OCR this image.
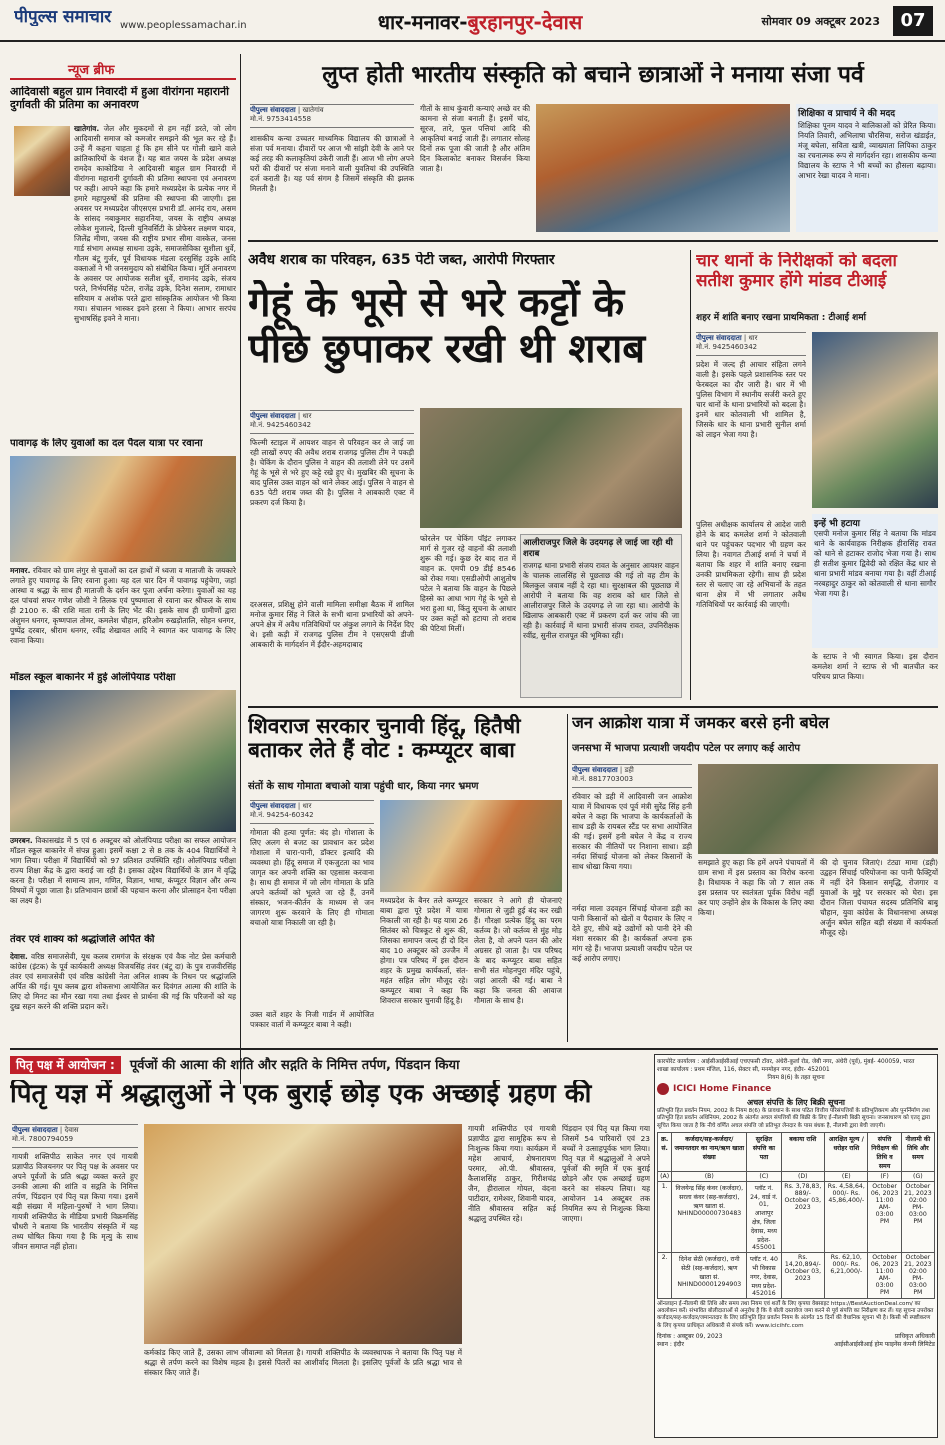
पीपुल्स समाचार www.peoplessamachar.in	धार-मनावर-बुरहानपुर-देवास	सोमवार 09 अक्टूबर 2023	07
न्यूज ब्रीफ
आदिवासी बहुल ग्राम निवारदी में हुआ वीरांगना महारानी दुर्गावती की प्रतिमा का अनावरण
खातेगांव. जेल और मुकदमों से हम नहीं डरते, जो लोग आदिवासी समाज को कमजोर समझने की भूल कर रहे हैं। उन्हें मैं कहना चाहता हूं कि हम सीने पर गोली खाने वाले क्रांतिकारियों के वंशज हैं। यह बात जयस के प्रदेश अध्यक्ष रामदेव काकोडिया ने आदिवासी बाहुल ग्राम निवारदी में वीरांगना महारानी दुर्गावती की प्रतिमा स्थापना एवं अनावरण पर कही। आपने कहा कि हमारे मध्यप्रदेश के प्रत्येक नगर में हमारे महापुरुषों की प्रतिमा की स्थापना की जाएगी। इस अवसर पर मध्यप्रदेश जीएसएस प्रभारी डॉ. आनंद राय, असम के सांसद नबाकुमार सहारनिया, जयस के राष्ट्रीय अध्यक्ष लोकेश मुजाल्दे, दिल्ली यूनिवर्सिटी के प्रोफेसर लक्ष्मण यादव, जिलेंद्र मीणा, जयस की राष्ट्रीय प्रभार सीमा वास्केल, जनस गार्ड संभाग अध्यक्ष साधना उइके, समाजसेविका सुशीला धुर्वे, गौतम बंटू गुर्जर, पूर्व विधायक मंडला दरसुसिंह उइके आदि वक्ताओं ने भी जनसमुदाय को संबोधित किया। मूर्ति अनावरण के अवसर पर आयोजक सतीश धुर्वे, रामानंद उइके, संजय परते, निर्भयसिंह पटेल, राजेंद्र उइके, दिनेश सलाम, रामाधार सरियाम व अशोक परते द्वारा सांस्कृतिक आयोजन भी किया गया। संचालन भास्कर इवने हरसा ने किया। आभार सरपंच सुभाषसिंह इवने ने माना।
पावागढ़ के लिए युवाओं का दल पैदल यात्रा पर रवाना
मनावर. रविवार को ग्राम लंगुर से युवाओं का दल हाथों में ध्वजा व माताजी के जयकारे लगाते हुए पावागढ़ के लिए रवाना हुआ। यह दल चार दिन में पावागढ़ पहुंचेगा, जहां आस्था व श्रद्धा के साथ ही माताजी के दर्शन कर पूजा अर्चना करेगा। युवाओं का यह दल पांचवां सफर गणेश जोशी ने तिलक एवं पुष्पमाला से रवाना कर श्रीफल के साथ ही 2100 रु. की राशि माता रानी के लिए भेंट की। इसके साथ ही ग्रामीणों द्वारा अंशुमन धनगर, कृष्णपाल तोमर, कमलेश चौहान, हरिओम रुखड़ोतालि, सोहन धनगर, पुष्पेंद्र दरबार, श्रीराम धनगर, रवींद्र शेखावत आदि ने स्वागत कर पावागढ़ के लिए रवाना किया।
मॉडल स्कूल बाकानेर में हुई ओलंपियाड परीक्षा
उमरबन. विकासखंड में 5 एवं 6 अक्टूबर को ओलंपियाड परीक्षा का सफल आयोजन मॉडल स्कूल बाकानेर में संपन्न हुआ। इसमें कक्षा 2 से 8 तक के 404 विद्यार्थियों ने भाग लिया। परीक्षा में विद्यार्थियों को 97 प्रतिशत उपस्थिति रही। ओलंपियाड परीक्षा राज्य शिक्षा केंद्र के द्वारा कराई जा रही है। इसका उद्देश्य विद्यार्थियों के ज्ञान में वृद्धि करना है। परीक्षा में सामान्य ज्ञान, गणित, विज्ञान, भाषा, कंप्यूटर विज्ञान और अन्य विषयों में पूछा जाता है। प्रतिभावान छात्रों की पहचान करना और प्रोत्साहन देना परीक्षा का लक्ष्य है।
तंवर एवं शाक्य को श्रद्धांजलि अर्पित की
देवास. वरिष्ठ समाजसेवी, यूथ कलब रामगंज के संरक्षक एवं वैक नोट प्रेस कर्मचारी कांग्रेस (इंटक) के पूर्व कार्यकारी अध्यक्ष विजयसिंह तंवर (बंटू दा) के पुत्र राजवीरसिंह तंवर एवं समाजसेवी एवं वरिष्ठ कांग्रेसी नेता अनिल शाक्य के निधन पर श्रद्धांजलि अर्पित की गई। यूथ क्लब द्वारा शोकसभा आयोजित कर दिवंगत आत्मा की शांति के लिए दो मिनट का मौन रखा गया तथा ईश्वर से प्रार्थना की गई कि परिजनों को यह दुख सहन करने की शक्ति प्रदान करें।
लुप्त होती भारतीय संस्कृति को बचाने छात्राओं ने मनाया संजा पर्व
पीपुल्स संवाददाता | खातेगांव
मो.नं. 9753414558
शासकीय कन्या उच्चतर माध्यमिक विद्यालय की छात्राओं ने संजा पर्व मनाया। दीवारों पर आज भी सांझी देवी के आने पर कई तरह की कलाकृतियां उकेरी जाती हैं। आज भी लोग अपने घरों की दीवारों पर संजा मनाने वाली युवतियां की उपस्थिति दर्ज कराती है। यह पर्व संगम है जिसमें संस्कृति की झलक मिलती है।
गीतों के साथ कुंवारी कन्याएं अच्छे वर की कामना से संजा बनाती हैं। इसमें चांद, सूरज, तारे, फूल पत्तियां आदि की आकृतियां बनाई जाती हैं। लगातार सोलह दिनों तक पूजा की जाती है और अंतिम दिन किलाकोट बनाकर विसर्जन किया जाता है।
शिक्षिका व प्राचार्य ने की मदद
शिक्षिका पूनम यादव ने बालिकाओं को प्रेरित किया। नियति तिवारी, अभिलाषा चौरसिया, सरोज खंडाईत, मंजू बघेला, सविता खत्री, व्याख्याता लिपिका ठाकुर का रचनात्मक रूप से मार्गदर्शन रहा। शासकीय कन्या विद्यालय के स्टाफ ने भी बच्चों का हौसला बढ़ाया। आभार रेखा यादव ने माना।
अवैध शराब का परिवहन, 635 पेटी जब्त, आरोपी गिरफ्तार
गेहूं के भूसे से भरे कट्टों के पीछे छुपाकर रखी थी शराब
पीपुल्स संवाददाता | धार
मो.नं. 9425460342
फिल्मी स्टाइल में आयशर वाहन से परिवहन कर ले जाई जा रही लाखों रुपए की अवैध शराब राजगढ़ पुलिस टीम ने पकड़ी है। चेकिंग के दौरान पुलिस ने वाहन की तलाशी लेने पर उसमें गेहूं के भूसे से भरे हुए कट्टे रखे हुए थे। मुखबिर की सूचना के बाद पुलिस उक्त वाहन को थाने लेकर आई। पुलिस ने वाहन से 635 पेटी शराब जब्त की है। पुलिस ने आबकारी एक्ट में प्रकरण दर्ज किया है।
दरअसल, प्रशिक्षु होने वाली मामिला समीक्षा बैठक में शामिल मनोज कुमार सिंह ने जिले के सभी थाना प्रभारियों को अपने-अपने क्षेत्र में अवैध गतिविधियों पर अंकुश लगाने के निर्देश दिए थे। इसी कड़ी में राजगढ़ पुलिस टीम ने एसएसपी डीजी आबकारी के मार्गदर्शन में ईंदौर-अहमदाबाद
फोरलेन पर चेकिंग पॉइंट लगाकर मार्ग से गुजर रहे वाहनों की तलाशी शुरू की गई। कुछ देर बाद रात में वाहन क्र. एमपी 09 डीई 8546 को रोका गया। एसडीओपी आशुतोष पटेल ने बताया कि वाहन के पिछले हिस्से का आधा भाग गेहूं के भूसे से भरा हुआ था, किंतु सूचना के आधार पर उक्त कट्टों को हटाया तो शराब की पेटियां मिलीं।
आलीराजपुर जिले के उदयगढ़ ले जाई जा रही थी शराब
राजगढ़ थाना प्रभारी संजय रावत के अनुसार आयशर वाहन के चालक लालसिंह से पूछताछ की गई तो वह टीम के बिलकुल जवाब नहीं दे रहा था। सुरक्षाबल की पूछताछ में आरोपी ने बताया कि वह शराब को धार जिले से आलीराजपुर जिले के उदयगढ़ ले जा रहा था। आरोपी के खिलाफ आबकारी एक्ट में प्रकरण दर्ज कर जांच की जा रही है। कार्रवाई में थाना प्रभारी संजय रावत, उपनिरीक्षक रवींद्र, सुनील राजपूत की भूमिका रही।
चार थानों के निरीक्षकों को बदला सतीश कुमार होंगे मांडव टीआई
शहर में शांति बनाए रखना प्राथमिकता : टीआई शर्मा
पीपुल्स संवाददाता | धार
मो.नं. 9425460342
प्रदेश में जल्द ही आचार संहिता लगने वाली है। इसके पहले प्रशासनिक स्तर पर फेरबदल का दौर जारी है। धार में भी पुलिस विभाग में स्थानीय सर्जरी करते हुए चार थानों के थाना प्रभारियों को बदला है। इनमें धार कोतवाली भी शामिल है, जिसके धार के थाना प्रभारी सुनील शर्मा को लाइन भेजा गया है।
पुलिस अधीक्षक कार्यालय से आदेश जारी होने के बाद कमलेश शर्मा ने कोतवाली थाने पर पहुंचकर पदभार भी ग्रहण कर लिया है। नवागत टीआई शर्मा ने चर्चा में बताया कि शहर में शांति बनाए रखना उनकी प्राथमिकता रहेगी। साथ ही प्रदेश स्तर से चलाए जा रहे अभियानों के तहत थाना क्षेत्र में भी लगातार अवैध गतिविधियों पर कार्रवाई की जाएगी।
इन्हें भी हटाया
एसपी मनोज कुमार सिंह ने बताया कि मांडव थाने के कार्यवाहक निरीक्षक हीरासिंह रावत को थाने से हटाकर राजोद भेजा गया है। साथ ही सतीश कुमार द्विवेदी को रक्षित केंद्र धार से थाना प्रभारी मांडव बनाया गया है। वहीं टीआई नरबहादुर ठाकुर को कोतवाली से थाना सागौर भेजा गया है।
के स्टाफ ने भी स्वागत किया। इस दौरान कमलेश शर्मा ने स्टाफ से भी बातचीत कर परिचय प्राप्त किया।
शिवराज सरकार चुनावी हिंदू, हितैषी बताकर लेते हैं वोट : कम्प्यूटर बाबा
संतों के साथ गोमाता बचाओ यात्रा पहुंची धार, किया नगर भ्रमण
पीपुल्स संवाददाता | धार
मो.नं. 94254-60342
गोमाता की हत्या पूर्णत: बंद हो। गोशाला के लिए अलग से बजट का प्रावधान कर प्रदेश गोशाला में चारा-पानी, डॉक्टर इत्यादि की व्यवस्था हो। हिंदू समाज में एकजुटता का भाव जागृत कर अपनी शक्ति का एहसास करवाना है। साथ ही समाज में जो लोग गोमाता के प्रति अपने कर्तव्यों को भूलते जा रहे हैं, उनमें संस्कार, भजन-कीर्तन के माध्यम से जन जागरण शुरू करवाने के लिए ही गोमाता बचाओ यात्रा निकाली जा रही है।
उक्त बातें शहर के निजी गार्डन में आयोजित पत्रकार वार्ता में कम्प्यूटर बाबा ने कही।
मध्यप्रदेश के बैनर तले कम्प्यूटर बाबा द्वारा पूरे प्रदेश में यात्रा निकाली जा रही है। यह यात्रा 26 सितंबर को चित्रकूट से शुरू की, जिसका समापन जल्द ही दो दिन बाद 10 अक्टूबर को उज्जैन में होगा। पत्र परिषद में इस दौरान शहर के प्रमुख कार्यकर्ता, संत-महंत सहित लोग मौजूद रहे। कम्प्यूटर बाबा ने कहा कि शिवराज सरकार चुनावी हिंदू है।
सरकार ने आगे ही योजनाएं गोमाता से जुड़ी हुई बंद कर रखी हैं। गौरक्षा प्रत्येक हिंदू का परम कर्तव्य है। जो कर्तव्य से मुंह मोड़ लेता है, वो अपने पतन की ओर अग्रसर हो जाता है। पत्र परिषद के बाद कम्प्यूटर बाबा सहित सभी संत मोहनपुरा मंदिर पहुंचे, जहां आरती की गई। बाबा ने कहा कि जनता की आवाज गौमाता के साथ है।
जन आक्रोश यात्रा में जमकर बरसे हनी बघेल
जनसभा में भाजपा प्रत्याशी जयदीप पटेल पर लगाए कई आरोप
पीपुल्स संवाददाता | डही
मो.नं. 8817703003
रविवार को डही में आदिवासी जन आक्रोश यात्रा में विधायक एवं पूर्व मंत्री सुरेंद्र सिंह हनी बघेल ने कहा कि भाजपा के कार्यकर्ताओं के साथ डही के रायबल स्टैंड पर सभा आयोजित की गई। इसमें हनी बघेल ने केंद्र व राज्य सरकार की नीतियों पर निशाना साधा। डही नर्मदा सिंचाई योजना को लेकर किसानों के साथ धोखा किया गया।
नर्मदा माला उदवहन सिंचाई योजना डही का पानी किसानों को खेतों व पैदावार के लिए न देते हुए, सीधे बड़े उद्योगों को पानी देने की मंशा सरकार की है। कार्यकर्ता अपना हक मांग रहे हैं। भाजपा प्रत्याशी जयदीप पटेल पर कई आरोप लगाए।
समझाते हुए कहा कि हमें अपने पंचायतों में ग्राम सभा में इस प्रस्ताव का विरोध करना है। विधायक ने कहा कि जो 7 साल तक इस प्रस्ताव पर स्वतंत्रता पूर्वक विरोध नहीं कर पाए उन्होंने क्षेत्र के विकास के लिए क्या किया।
की दो चुनाव जिताएं। टंट्या मामा (डही) उद्वहन सिंचाई परियोजना का पानी फैक्ट्रियों में नहीं देने किसान समृद्धि, रोजगार व युवाओं के मुद्दे पर सरकार को घेरा। इस दौरान जिला पंचायत सदस्य प्रतिनिधि बाबू चौहान, युवा कांग्रेस के विधानसभा अध्यक्ष अर्जुन बघेल सहित बड़ी संख्या में कार्यकर्ता मौजूद रहे।
पितृ पक्ष में आयोजन : पूर्वजों की आत्मा की शांति और सद्गति के निमित्त तर्पण, पिंडदान किया
पितृ यज्ञ में श्रद्धालुओं ने एक बुराई छोड़ एक अच्छाई ग्रहण की
पीपुल्स संवाददाता | देवास
मो.नं. 7800794059
गायत्री शक्तिपीठ साकेत नगर एवं गायत्री प्रज्ञापीठ विजयनगर पर पितृ पक्ष के अवसर पर अपने पूर्वजों के प्रति श्रद्धा व्यक्त करते हुए उनकी आत्मा की शांति व सद्गति के निमित्त तर्पण, पिंडदान एवं पितृ यज्ञ किया गया। इसमें बड़ी संख्या में महिला-पुरुषों ने भाग लिया। गायत्री शक्तिपीठ के मीडिया प्रभारी विक्रमसिंह चौधरी ने बताया कि भारतीय संस्कृति में यह तथ्य घोषित किया गया है कि मृत्यु के साथ जीवन समाप्त नहीं होता।
कर्मकांड किए जाते हैं, उसका लाभ जीवात्मा को मिलता है। गायत्री शक्तिपीठ के व्यवस्थापक ने बताया कि पितृ पक्ष में श्रद्धा से तर्पण करने का विशेष महत्व है। इससे पितरों का आशीर्वाद मिलता है। इसलिए पूर्वजों के प्रति श्रद्धा भाव से संस्कार किए जाते हैं।
गायत्री शक्तिपीठ एवं गायत्री प्रज्ञापीठ द्वारा सामूहिक रूप से निःशुल्क किया गया। कार्यक्रम में महेश आचार्य, शेषनारायण परमार, ओ.पी. श्रीवास्तव, कैलाशसिंह ठाकुर, गिरीशचंद्र जैन, हीरालाल गोयल, वंदना पाटीदार, रामेश्वर, शिवानी यादव, नीति श्रीवास्तव सहित कई श्रद्धालु उपस्थित रहे।
पिंड़दान एवं पितृ यज्ञ किया गया जिसमें 54 पारिवारों एवं 23 बच्चों ने उत्साहपूर्वक भाग लिया। पितृ यज्ञ में श्रद्धालुओं ने अपने पूर्वजों की स्मृति में एक बुराई छोड़ने और एक अच्छाई ग्रहण करने का संकल्प लिया। यह आयोजन 14 अक्टूबर तक नियमित रूप से निःशुल्क किया जाएगा।
कारपोरेट कार्यालय : आईसीआईसीआई एचएफसी टॉवर, अंधेरी-कुर्ला रोड, जेबी नगर, अंधेरी (पूर्व), मुंबई- 400059, भारत
शाखा कार्यालय : प्रथम मंजिल, 116, सेक्टर सी, मनमोहन नगर, इंदौर- 452001
नियम 8(6) के तहत सूचना
ICICI Home Finance
अचल संपत्ति के लिए बिक्री सूचना
प्रतिभूति हित प्रवर्तन नियम, 2002 के नियम 8(6) के प्रावधान के साथ पठित वित्तीय परिसंपत्तियों के प्रतिभूतिकरण और पुनर्निर्माण तथा प्रतिभूति हित प्रवर्तन अधिनियम, 2002 के अंतर्गत अचल संपत्तियों की बिक्री के लिए ई-नीलामी बिक्री सूचना। जनसाधारण को एतद् द्वारा सूचित किया जाता है कि नीचे वर्णित अचल संपत्ति जो प्रतिभूत लेनदार के पास बंधक है, नीलामी द्वारा बेची जाएगी।
क्र. सं.	कर्जदार/सह-कर्जदार/जमानतदार का नाम/ऋण खाता संख्या	सुरक्षित संपत्ति का पता	बकाया राशि	आरक्षित मूल्य / धरोहर राशि	संपत्ति निरीक्षण की तिथि व समय	नीलामी की तिथि और समय
(A)	(B)	(C)	(D)	(E)	(F)	(G)
1.	विजयेन्द्र सिंह कंवर (कर्जदार), सरला कंवर (सह-कर्जदार), ऋण खाता सं. NHIND00000730483	प्लॉट नं. 24, वार्ड नं. 01, आशापुर क्षेत्र, जिला देवास, मध्य प्रदेश- 455001	Rs. 3,78,83, 889/- October 03, 2023	Rs. 4,58,64, 000/- Rs. 45,86,400/-	October 06, 2023 11:00 AM- 03:00 PM	October 21, 2023 02:00 PM- 03:00 PM
2.	दिनेश सेठी (कर्जदार), रानी सेठी (सह-कर्जदार), ऋण खाता सं. NHIND00001294903	प्लॉट नं. 40 भी विकास नगर, देवास, मध्य प्रदेश- 452016	Rs. 14,20,894/- October 03, 2023	Rs. 62,10, 000/- Rs. 6,21,000/-	October 06, 2023 11:00 AM- 03:00 PM	October 21, 2023 02:00 PM- 03:00 PM
ऑनलाइन ई-नीलामी की तिथि और समय तथा नियम एवं शर्तों के लिए कृपया वेबसाइट https://BestAuctionDeal.com/ का अवलोकन करें। संभावित बोलीदाताओं से अनुरोध है कि वे बोली दस्तावेज जमा करने से पूर्व संपत्ति का निरीक्षण कर लें। यह सूचना उपरोक्त कर्जदार/सह-कर्जदार/जमानतदार के लिए प्रतिभूति हित प्रवर्तन नियम के अंतर्गत 15 दिनों की वैधानिक सूचना भी है। किसी भी स्पष्टीकरण के लिए कृपया प्राधिकृत अधिकारी से संपर्क करें। www.icicihfc.com
दिनांक : अक्टूबर 09, 2023
स्थान : इंदौर
प्राधिकृत अधिकारी
आईसीआईसीआई होम फाइनेंस कंपनी लिमिटेड
